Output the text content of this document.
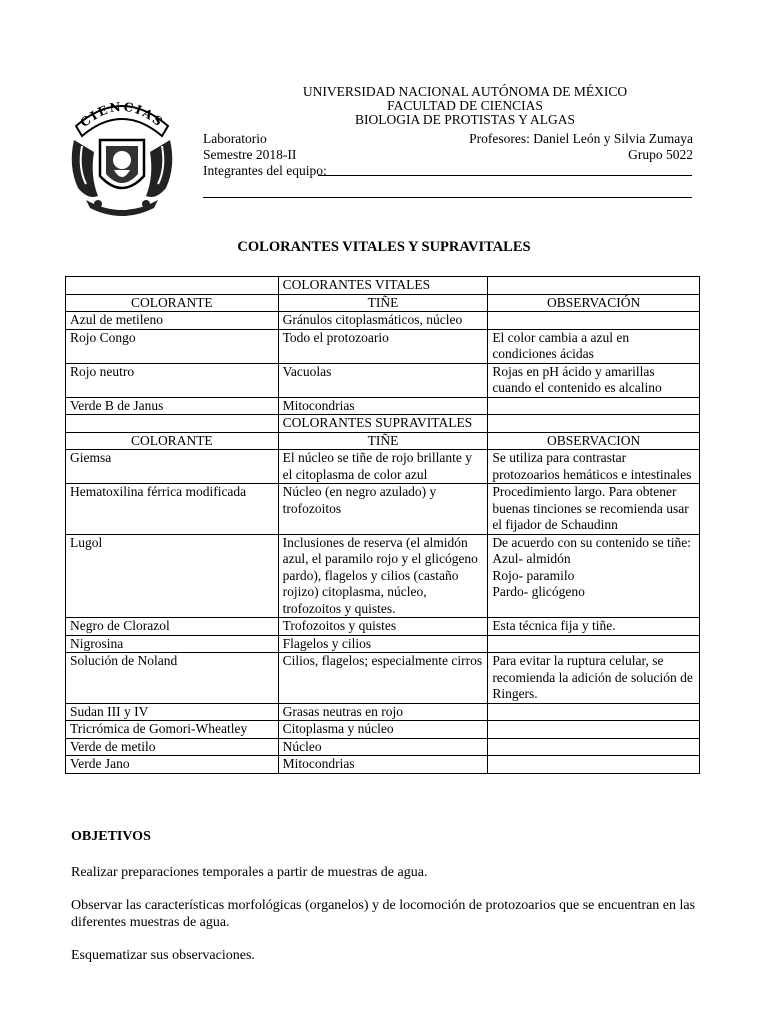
CIENCIAS
UNIVERSIDAD NACIONAL AUTÓNOMA DE MÉXICO
FACULTAD DE CIENCIAS
BIOLOGIA DE PROTISTAS Y ALGAS
Laboratorio	Profesores: Daniel León y Silvia Zumaya
Semestre 2018-II	Grupo 5022
Integrantes del equipo:
COLORANTES VITALES Y SUPRAVITALES
	COLORANTES VITALES	
COLORANTE	TIÑE	OBSERVACIÓN
Azul de metileno	Gránulos citoplasmáticos, núcleo	
Rojo Congo	Todo el protozoario	El color cambia a azul en condiciones ácidas
Rojo neutro	Vacuolas	Rojas en pH ácido y amarillas cuando el contenido es alcalino
Verde B de Janus	Mitocondrias	
	COLORANTES SUPRAVITALES	
COLORANTE	TIÑE	OBSERVACION
Giemsa	El núcleo se tiñe de rojo brillante y el citoplasma de color azul	Se utiliza para contrastar protozoarios hemáticos e intestinales
Hematoxilina férrica modificada	Núcleo (en negro azulado) y trofozoitos	Procedimiento largo. Para obtener buenas tinciones se recomienda usar el fijador de Schaudinn
Lugol	Inclusiones de reserva (el almidón azul, el paramilo rojo y el glicógeno pardo), flagelos y cilios (castaño rojizo) citoplasma, núcleo, trofozoitos y quistes.	De acuerdo con su contenido se tiñe:
Azul- almidón
Rojo- paramilo
Pardo- glicógeno

Negro de Clorazol	Trofozoitos y quistes	Esta técnica fija y tiñe.
Nigrosina	Flagelos y cilios	
Solución de Noland	Cilios, flagelos; especialmente cirros	Para evitar la ruptura celular, se recomienda la adición de solución de Ringers.
Sudan III y IV	Grasas neutras en rojo	
Tricrómica de Gomori-Wheatley	Citoplasma y núcleo	
Verde de metilo	Núcleo	
Verde Jano	Mitocondrias	
OBJETIVOS
Realizar preparaciones temporales a partir de muestras de agua.
Observar las características morfológicas (organelos) y de locomoción de protozoarios que se encuentran en las diferentes muestras de agua.
Esquematizar sus observaciones.
